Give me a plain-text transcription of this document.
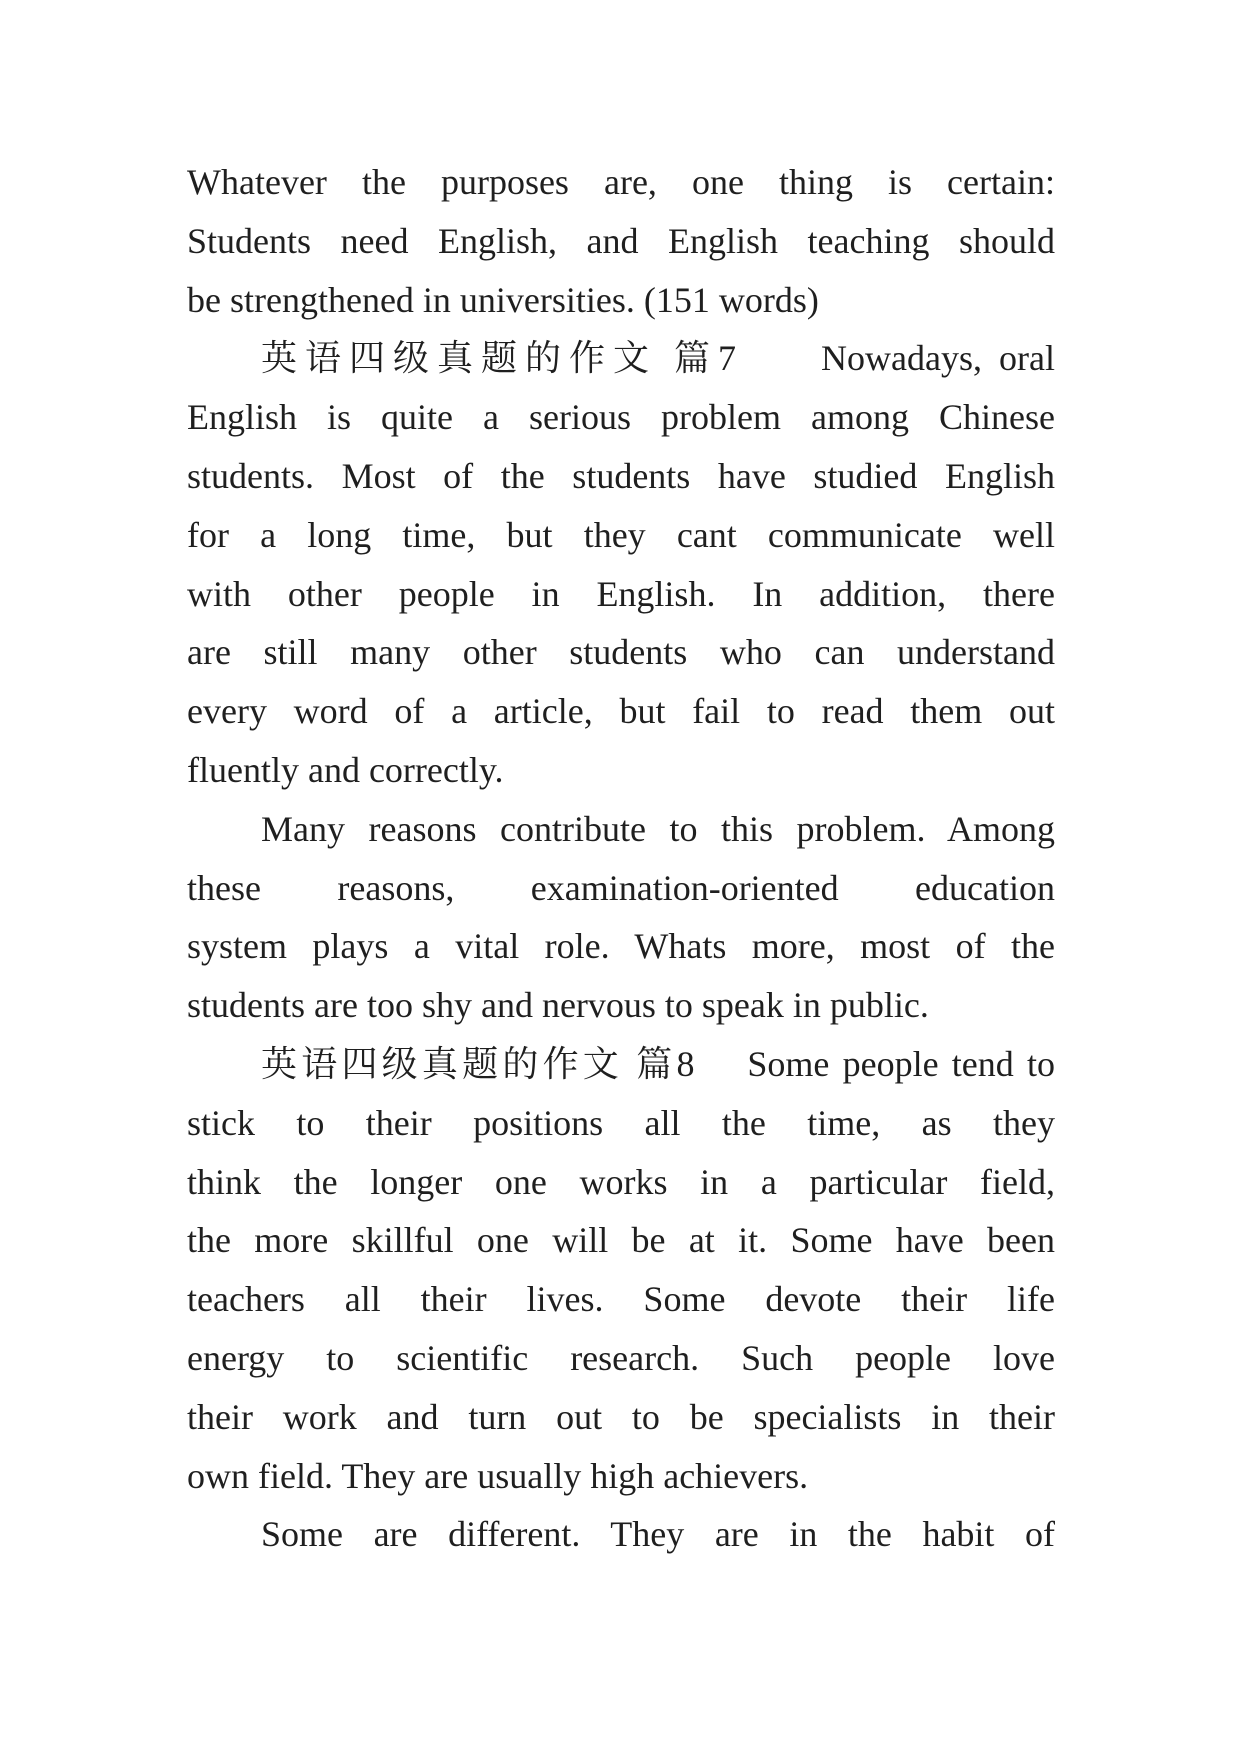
Whatever the purposes are, one thing is certain:
Students need English, and English teaching should
be strengthened in universities. (151 words)
英语四级真题的作文 篇7     Nowadays, oral
English is quite a serious problem among Chinese
students. Most of the students have studied English
for a long time, but they cant communicate well
with other people in English. In addition, there
are still many other students who can understand
every word of a article, but fail to read them out
fluently and correctly.
Many reasons contribute to this problem. Among
these reasons, examination-oriented education
system plays a vital role. Whats more, most of the
students are too shy and nervous to speak in public.
英语四级真题的作文 篇8    Some people tend to
stick to their positions all the time, as they
think the longer one works in a particular field,
the more skillful one will be at it. Some have been
teachers all their lives. Some devote their life
energy to scientific research. Such people love
their work and turn out to be specialists in their
own field. They are usually high achievers.
Some are different. They are in the habit of
